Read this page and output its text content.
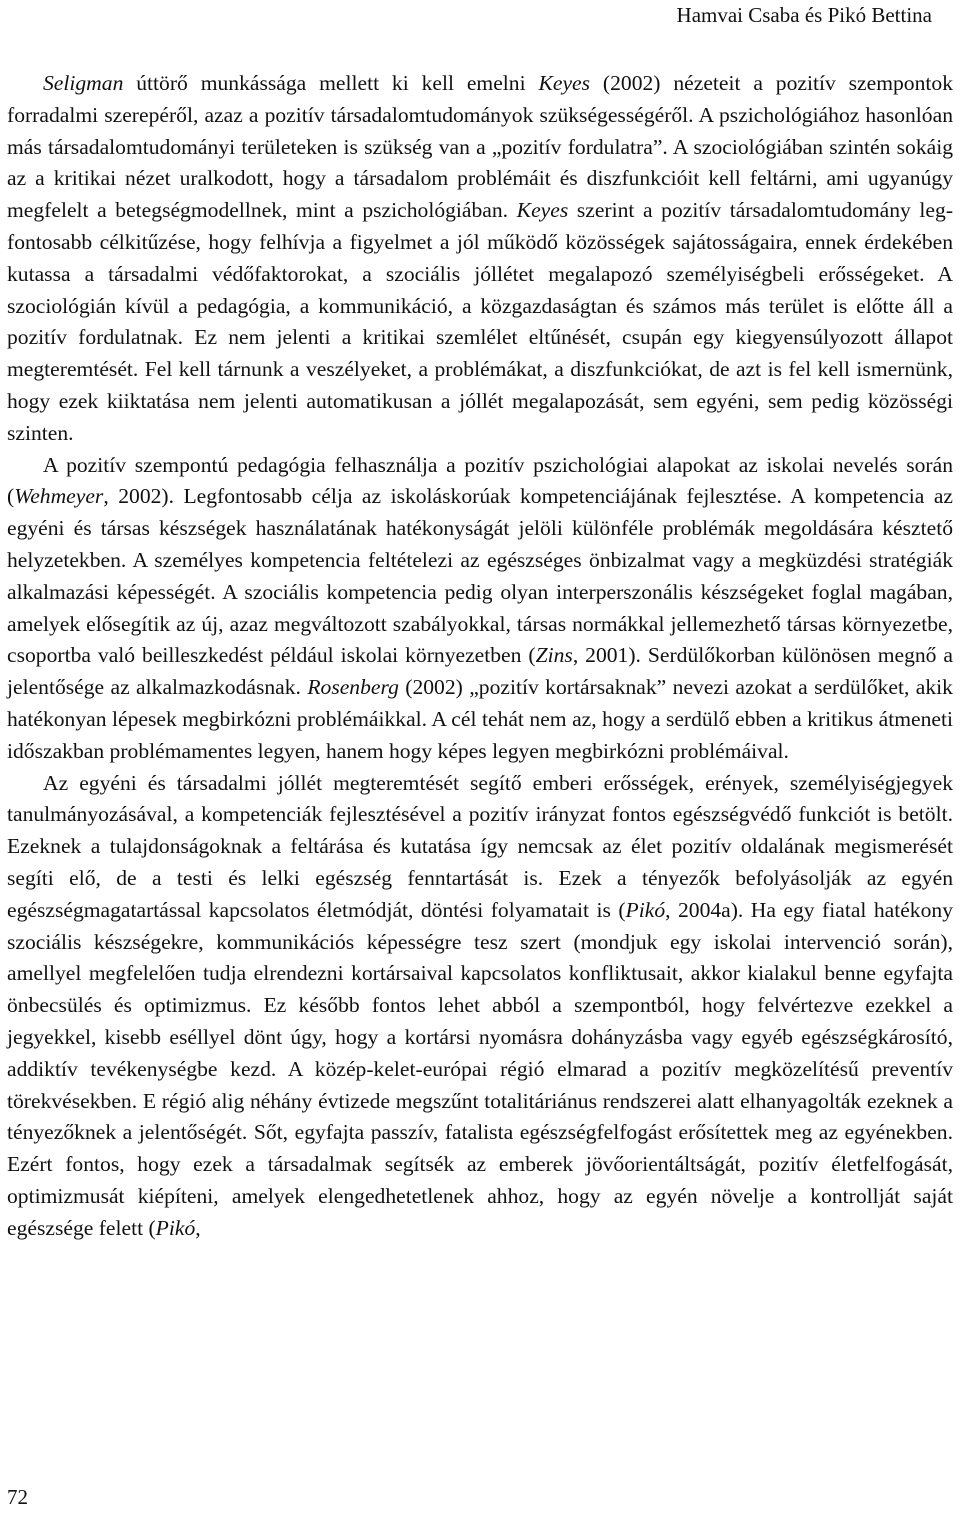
Hamvai Csaba és Pikó Bettina

Seligman úttörő munkássága mellett ki kell emelni Keyes (2002) nézeteit a pozitív szempontok forradalmi szerepéről, azaz a pozitív társadalomtudományok szükségességéről. A pszichológiához hasonlóan más társadalomtudományi területeken is szükség van a „pozitív fordulatra”. A szociológiában szintén sokáig az a kritikai nézet uralkodott, hogy a társadalom problémáit és diszfunkcióit kell feltárni, ami ugyanúgy megfelelt a betegségmodellnek, mint a pszichológiában. Keyes szerint a pozitív társadalomtudomány legfontosabb célkitűzése, hogy felhívja a figyelmet a jól működő közösségek sajátosságaira, ennek érdekében kutassa a társadalmi védőfaktorokat, a szociális jóllétet megalapozó személyiségbeli erősségeket. A szociológián kívül a pedagógia, a kommunikáció, a közgazdaságtan és számos más terület is előtte áll a pozitív fordulatnak. Ez nem jelenti a kritikai szemlélet eltűnését, csupán egy kiegyensúlyozott állapot megteremtését. Fel kell tárnunk a veszélyeket, a problémákat, a diszfunkciókat, de azt is fel kell ismernünk, hogy ezek kiiktatása nem jelenti automatikusan a jóllét megalapozását, sem egyéni, sem pedig közösségi szinten.

A pozitív szempontú pedagógia felhasználja a pozitív pszichológiai alapokat az iskolai nevelés során (Wehmeyer, 2002). Legfontosabb célja az iskoláskorúak kompetenciájának fejlesztése. A kompetencia az egyéni és társas készségek használatának hatékonyságát jelöli különféle problémák megoldására késztető helyzetekben. A személyes kompetencia feltételezi az egészséges önbizalmat vagy a megküzdési stratégiák alkalmazási képességét. A szociális kompetencia pedig olyan interperszonális készségeket foglal magában, amelyek elősegítik az új, azaz megváltozott szabályokkal, társas normákkal jellemezhető társas környezetbe, csoportba való beilleszkedést például iskolai környezetben (Zins, 2001). Serdülőkorban különösen megnő a jelentősége az alkalmazkodásnak. Rosenberg (2002) „pozitív kortársaknak” nevezi azokat a serdülőket, akik hatékonyan lépesek megbirkózni problémáikkal. A cél tehát nem az, hogy a serdülő ebben a kritikus átmeneti időszakban problémamentes legyen, hanem hogy képes legyen megbirkózni problémáival.

Az egyéni és társadalmi jóllét megteremtését segítő emberi erősségek, erények, személyiségjegyek tanulmányozásával, a kompetenciák fejlesztésével a pozitív irányzat fontos egészségvédő funkciót is betölt. Ezeknek a tulajdonságoknak a feltárása és kutatása így nemcsak az élet pozitív oldalának megismerését segíti elő, de a testi és lelki egészség fenntartását is. Ezek a tényezők befolyásolják az egyén egészségmagatartással kapcsolatos életmódját, döntési folyamatait is (Pikó, 2004a). Ha egy fiatal hatékony szociális készségekre, kommunikációs képességre tesz szert (mondjuk egy iskolai intervenció során), amellyel megfelelően tudja elrendezni kortársaival kapcsolatos konfliktusait, akkor kialakul benne egyfajta önbecsülés és optimizmus. Ez később fontos lehet abból a szempontból, hogy felvértezve ezekkel a jegyekkel, kisebb eséllyel dönt úgy, hogy a kortársi nyomásra dohányzásba vagy egyéb egészségkárosító, addiktív tevékenységbe kezd. A közép-kelet-európai régió elmarad a pozitív megközelítésű preventív törekvésekben. E régió alig néhány évtizede megszűnt totalitáriánus rendszerei alatt elhanyagolták ezeknek a tényezőknek a jelentőségét. Sőt, egyfajta passzív, fatalista egészségfelfogást erősítettek meg az egyénekben. Ezért fontos, hogy ezek a társadalmak segítsék az emberek jövőorientáltságát, pozitív életfelfogását, optimizmusát kiépíteni, amelyek elengedhetetlenek ahhoz, hogy az egyén növelje a kontrollját saját egészsége felett (Pikó,

72
